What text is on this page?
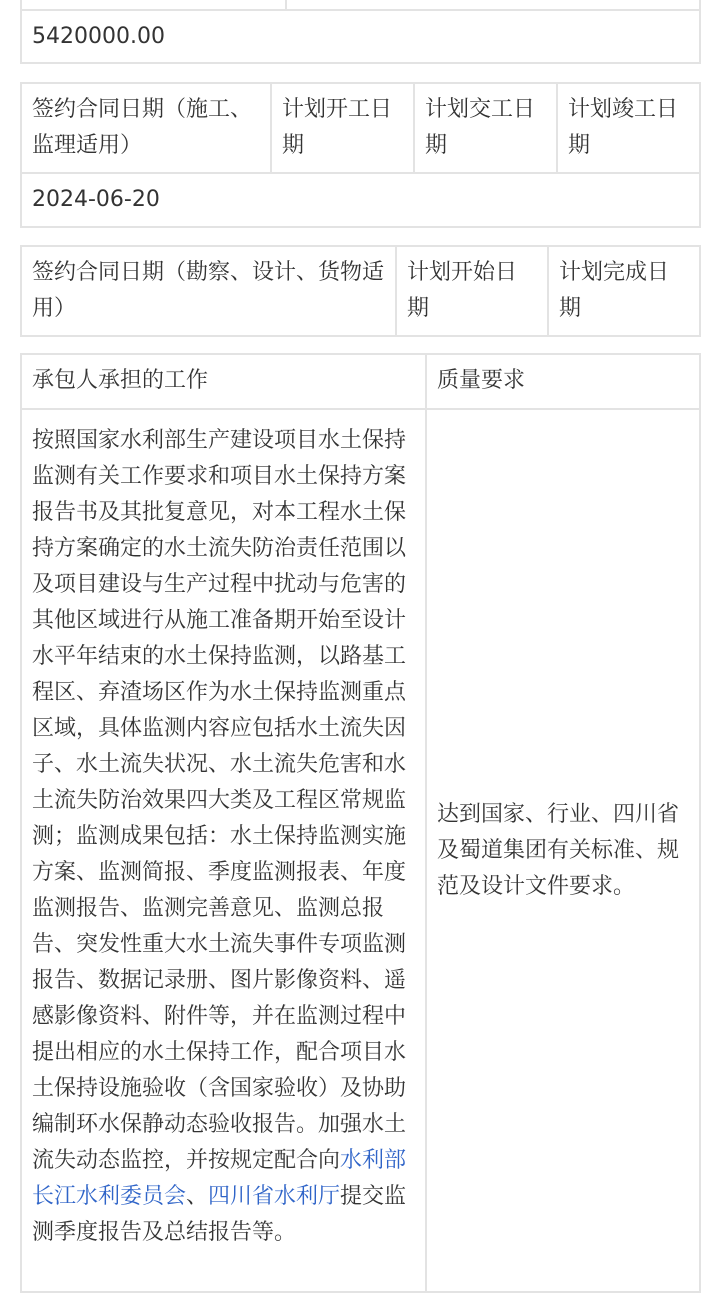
5420000.00
签约合同日期（施工、监理适用）	计划开工日期	计划交工日期	计划竣工日期
2024-06-20
签约合同日期（勘察、设计、货物适用）	计划开始日期	计划完成日期
承包人承担的工作	质量要求
按照国家水利部生产建设项目水土保持监测有关工作要求和项目水土保持方案报告书及其批复意见，对本工程水土保持方案确定的水土流失防治责任范围以及项目建设与生产过程中扰动与危害的其他区域进行从施工准备期开始至设计水平年结束的水土保持监测，以路基工程区、弃渣场区作为水土保持监测重点区域，具体监测内容应包括水土流失因子、水土流失状况、水土流失危害和水土流失防治效果四大类及工程区常规监测；监测成果包括：水土保持监测实施方案、监测简报、季度监测报表、年度监测报告、监测完善意见、监测总报告、突发性重大水土流失事件专项监测报告、数据记录册、图片影像资料、遥感影像资料、附件等，并在监测过程中提出相应的水土保持工作，配合项目水土保持设施验收（含国家验收）及协助编制环水保静动态验收报告。加强水土流失动态监控，并按规定配合向水利部长江水利委员会、四川省水利厅提交监测季度报告及总结报告等。	达到国家、行业、四川省及蜀道集团有关标准、规范及设计文件要求。
